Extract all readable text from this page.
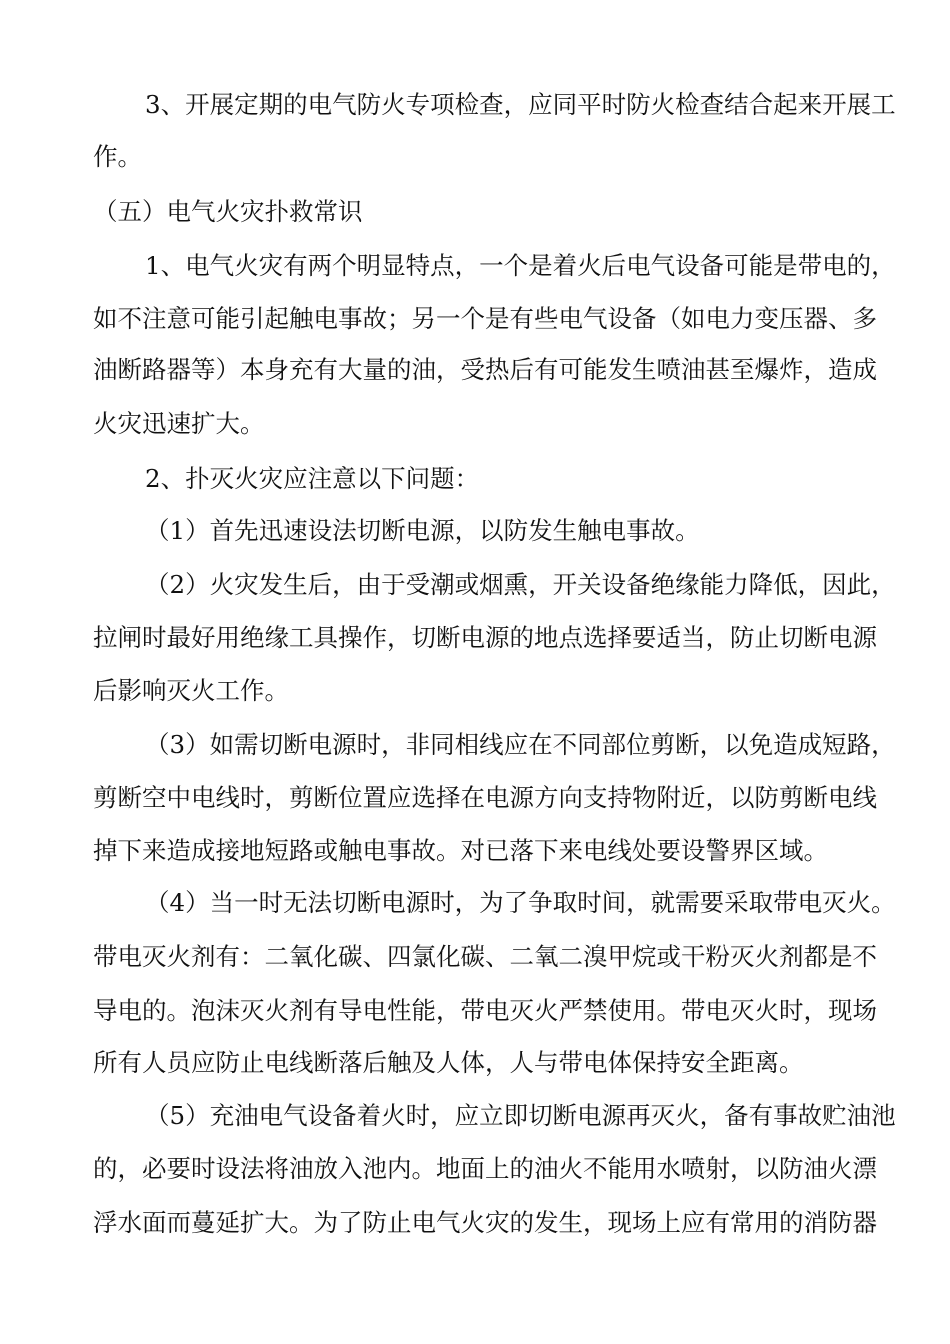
3、开展定期的电气防火专项检查，应同平时防火检查结合起来开展工
作。
（五）电气火灾扑救常识
1、电气火灾有两个明显特点，一个是着火后电气设备可能是带电的，
如不注意可能引起触电事故；另一个是有些电气设备（如电力变压器、多
油断路器等）本身充有大量的油，受热后有可能发生喷油甚至爆炸，造成
火灾迅速扩大。
2、扑灭火灾应注意以下问题：
（1）首先迅速设法切断电源，以防发生触电事故。
（2）火灾发生后，由于受潮或烟熏，开关设备绝缘能力降低，因此，
拉闸时最好用绝缘工具操作，切断电源的地点选择要适当，防止切断电源
后影响灭火工作。
（3）如需切断电源时，非同相线应在不同部位剪断，以免造成短路，
剪断空中电线时，剪断位置应选择在电源方向支持物附近，以防剪断电线
掉下来造成接地短路或触电事故。对已落下来电线处要设警界区域。
（4）当一时无法切断电源时，为了争取时间，就需要采取带电灭火。
带电灭火剂有：二氧化碳、四氯化碳、二氧二溴甲烷或干粉灭火剂都是不
导电的。泡沫灭火剂有导电性能，带电灭火严禁使用。带电灭火时，现场
所有人员应防止电线断落后触及人体，人与带电体保持安全距离。
（5）充油电气设备着火时，应立即切断电源再灭火，备有事故贮油池
的，必要时设法将油放入池内。地面上的油火不能用水喷射，以防油火漂
浮水面而蔓延扩大。为了防止电气火灾的发生，现场上应有常用的消防器
